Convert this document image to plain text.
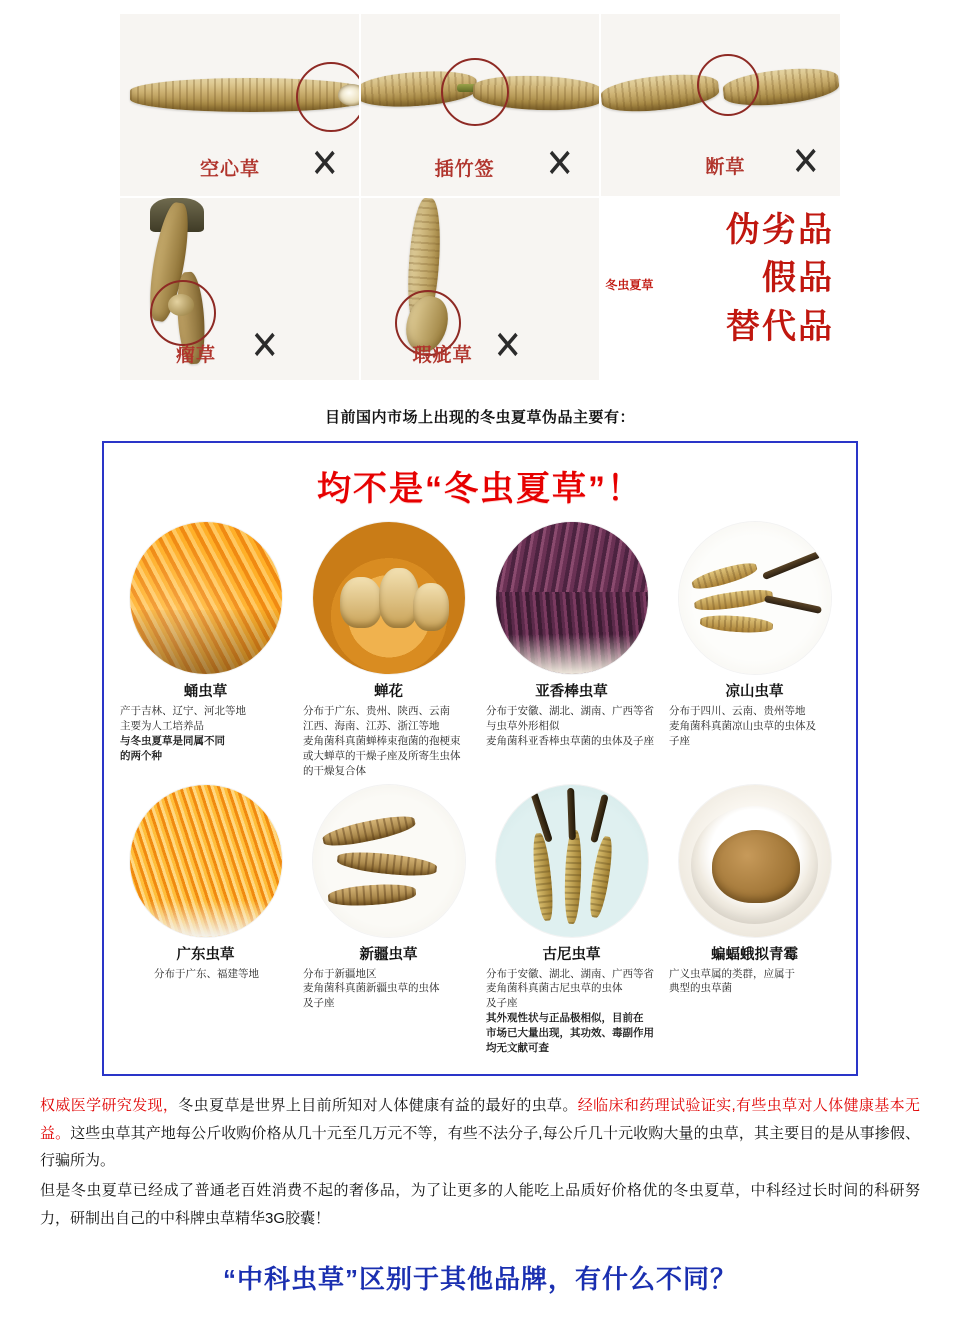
✕
空心草	✕
插竹签	✕
断草
✕
瘤草	✕
瑕疵草
冬虫夏草
伪劣品
假品
替代品
目前国内市场上出现的冬虫夏草伪品主要有：
均不是“冬虫夏草”！
蛹虫草
产于吉林、辽宁、河北等地
主要为人工培养品
与冬虫夏草是同属不同
的两个种
蝉花
分布于广东、贵州、陕西、云南
江西、海南、江苏、浙江等地
麦角菌科真菌蝉棒束孢菌的孢梗束
或大蝉草的干燥子座及所寄生虫体
的干燥复合体
亚香棒虫草
分布于安徽、湖北、湖南、广西等省
与虫草外形相似
麦角菌科亚香棒虫草菌的虫体及子座
凉山虫草
分布于四川、云南、贵州等地
麦角菌科真菌凉山虫草的虫体及
子座
广东虫草
分布于广东、福建等地
新疆虫草
分布于新疆地区
麦角菌科真菌新疆虫草的虫体
及子座
古尼虫草
分布于安徽、湖北、湖南、广西等省
麦角菌科真菌古尼虫草的虫体
及子座
其外观性状与正品极相似，目前在
市场已大量出现，其功效、毒副作用
均无文献可查
蝙蝠蛾拟青霉
广义虫草属的类群，应属于
典型的虫草菌

权威医学研究发现，冬虫夏草是世界上目前所知对人体健康有益的最好的虫草。经临床和药理试验证实,有些虫草对人体健康基本无益。这些虫草其产地每公斤收购价格从几十元至几万元不等，有些不法分子,每公斤几十元收购大量的虫草，其主要目的是从事掺假、行骗所为。

但是冬虫夏草已经成了普通老百姓消费不起的奢侈品，为了让更多的人能吃上品质好价格优的冬虫夏草，中科经过长时间的科研努力，研制出自己的中科牌虫草精华3G胶囊！

“中科虫草”区别于其他品牌，有什么不同？
